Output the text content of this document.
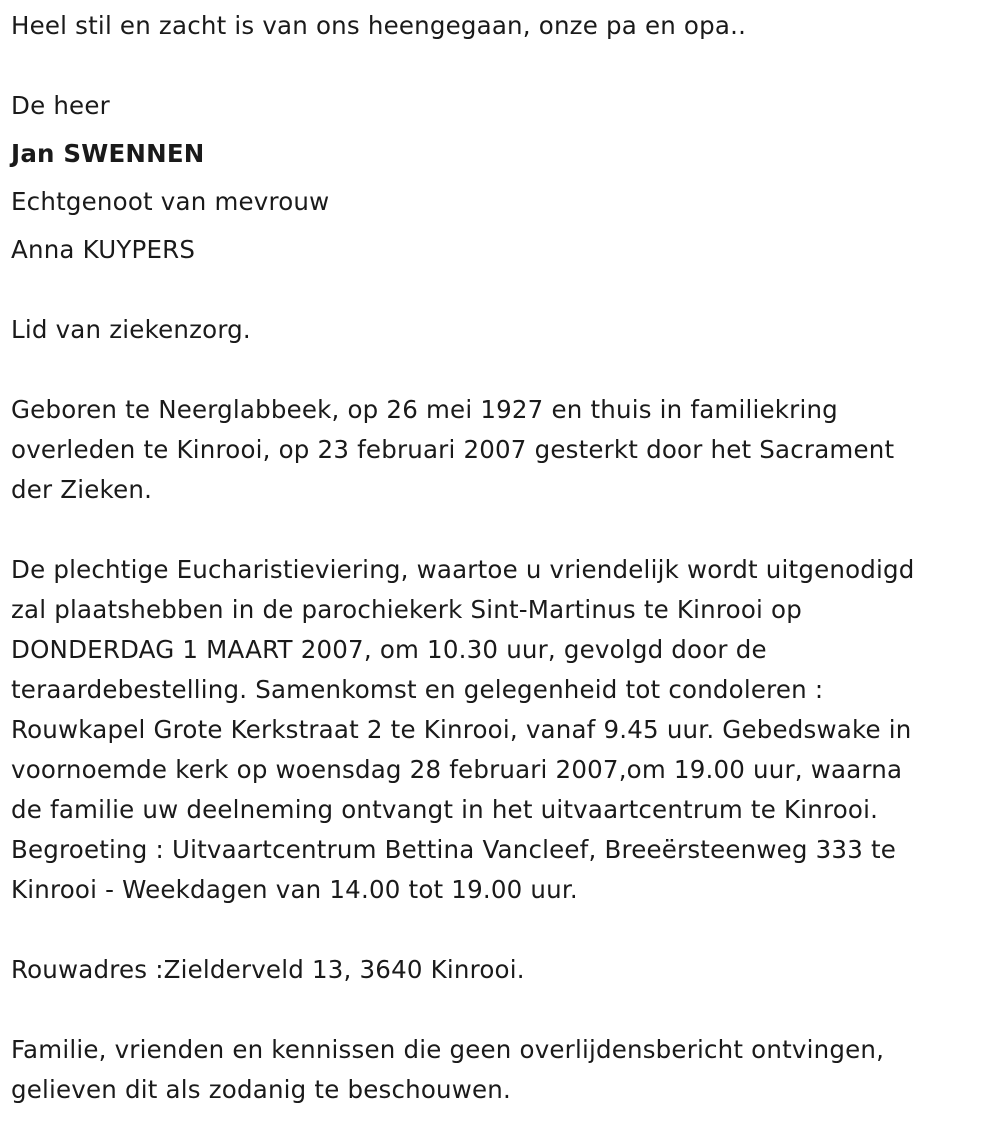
Heel stil en zacht is van ons heengegaan, onze pa en opa..
De heer
Jan SWENNEN
Echtgenoot van mevrouw
Anna KUYPERS
Lid van ziekenzorg.
Geboren te Neerglabbeek, op 26 mei 1927 en thuis in familiekring
overleden te Kinrooi, op 23 februari 2007 gesterkt door het Sacrament
der Zieken.
De plechtige Eucharistieviering, waartoe u vriendelijk wordt uitgenodigd
zal plaatshebben in de parochiekerk Sint-Martinus te Kinrooi op
DONDERDAG 1 MAART 2007, om 10.30 uur, gevolgd door de
teraardebestelling. Samenkomst en gelegenheid tot condoleren :
Rouwkapel Grote Kerkstraat 2 te Kinrooi, vanaf 9.45 uur. Gebedswake in
voornoemde kerk op woensdag 28 februari 2007,om 19.00 uur, waarna
de familie uw deelneming ontvangt in het uitvaartcentrum te Kinrooi.
Begroeting : Uitvaartcentrum Bettina Vancleef, Breeërsteenweg 333 te
Kinrooi - Weekdagen van 14.00 tot 19.00 uur.
Rouwadres :Zielderveld 13, 3640 Kinrooi.
Familie, vrienden en kennissen die geen overlijdensbericht ontvingen,
gelieven dit als zodanig te beschouwen.
